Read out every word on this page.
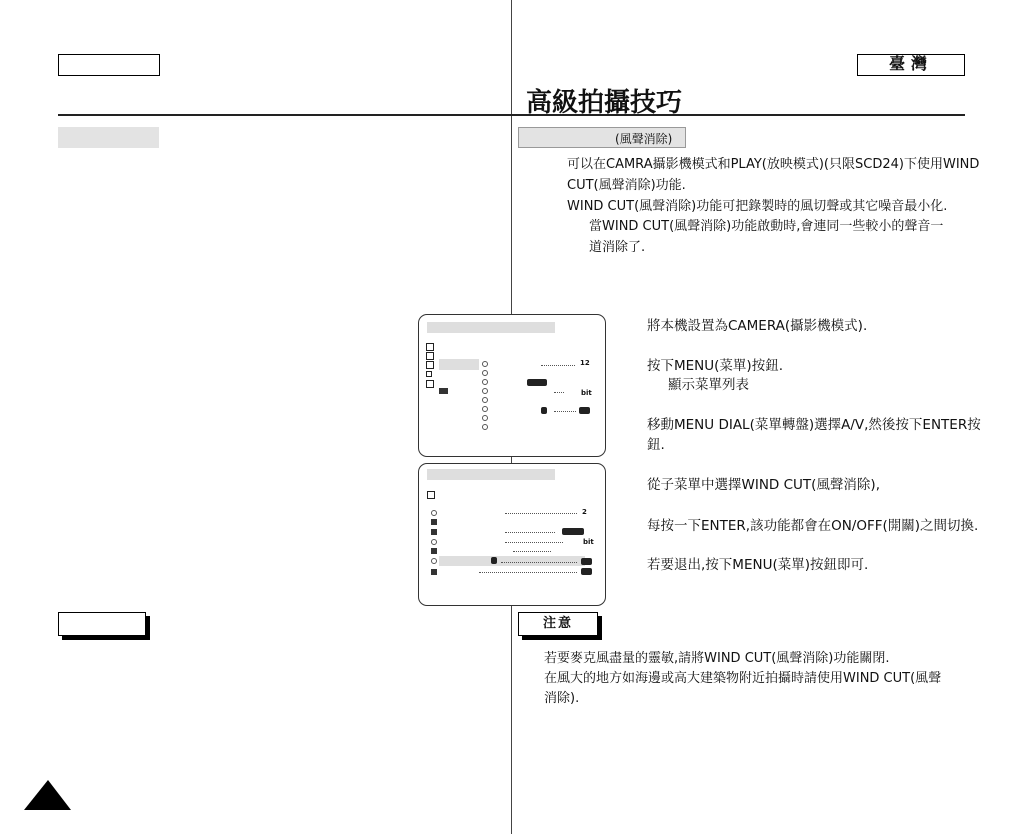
臺灣
高級拍攝技巧
(風聲消除)
可以在CAMRA攝影機模式和PLAY(放映模式)(只限SCD24)下使用WIND
CUT(風聲消除)功能.
WIND CUT(風聲消除)功能可把錄製時的風切聲或其它噪音最小化.
當WIND CUT(風聲消除)功能啟動時,會連同一些較小的聲音一
道消除了.
12
bit
2
bit
將本機設置為CAMERA(攝影機模式).
按下MENU(菜單)按鈕.
顯示菜單列表
移動MENU DIAL(菜單轉盤)選擇A/V,然後按下ENTER按
鈕.
從子菜單中選擇WIND CUT(風聲消除),
每按一下ENTER,該功能都會在ON/OFF(開關)之間切換.
若要退出,按下MENU(菜單)按鈕即可.
注意
若要麥克風盡量的靈敏,請將WIND CUT(風聲消除)功能關閉.
在風大的地方如海邊或高大建築物附近拍攝時請使用WIND CUT(風聲
消除).
